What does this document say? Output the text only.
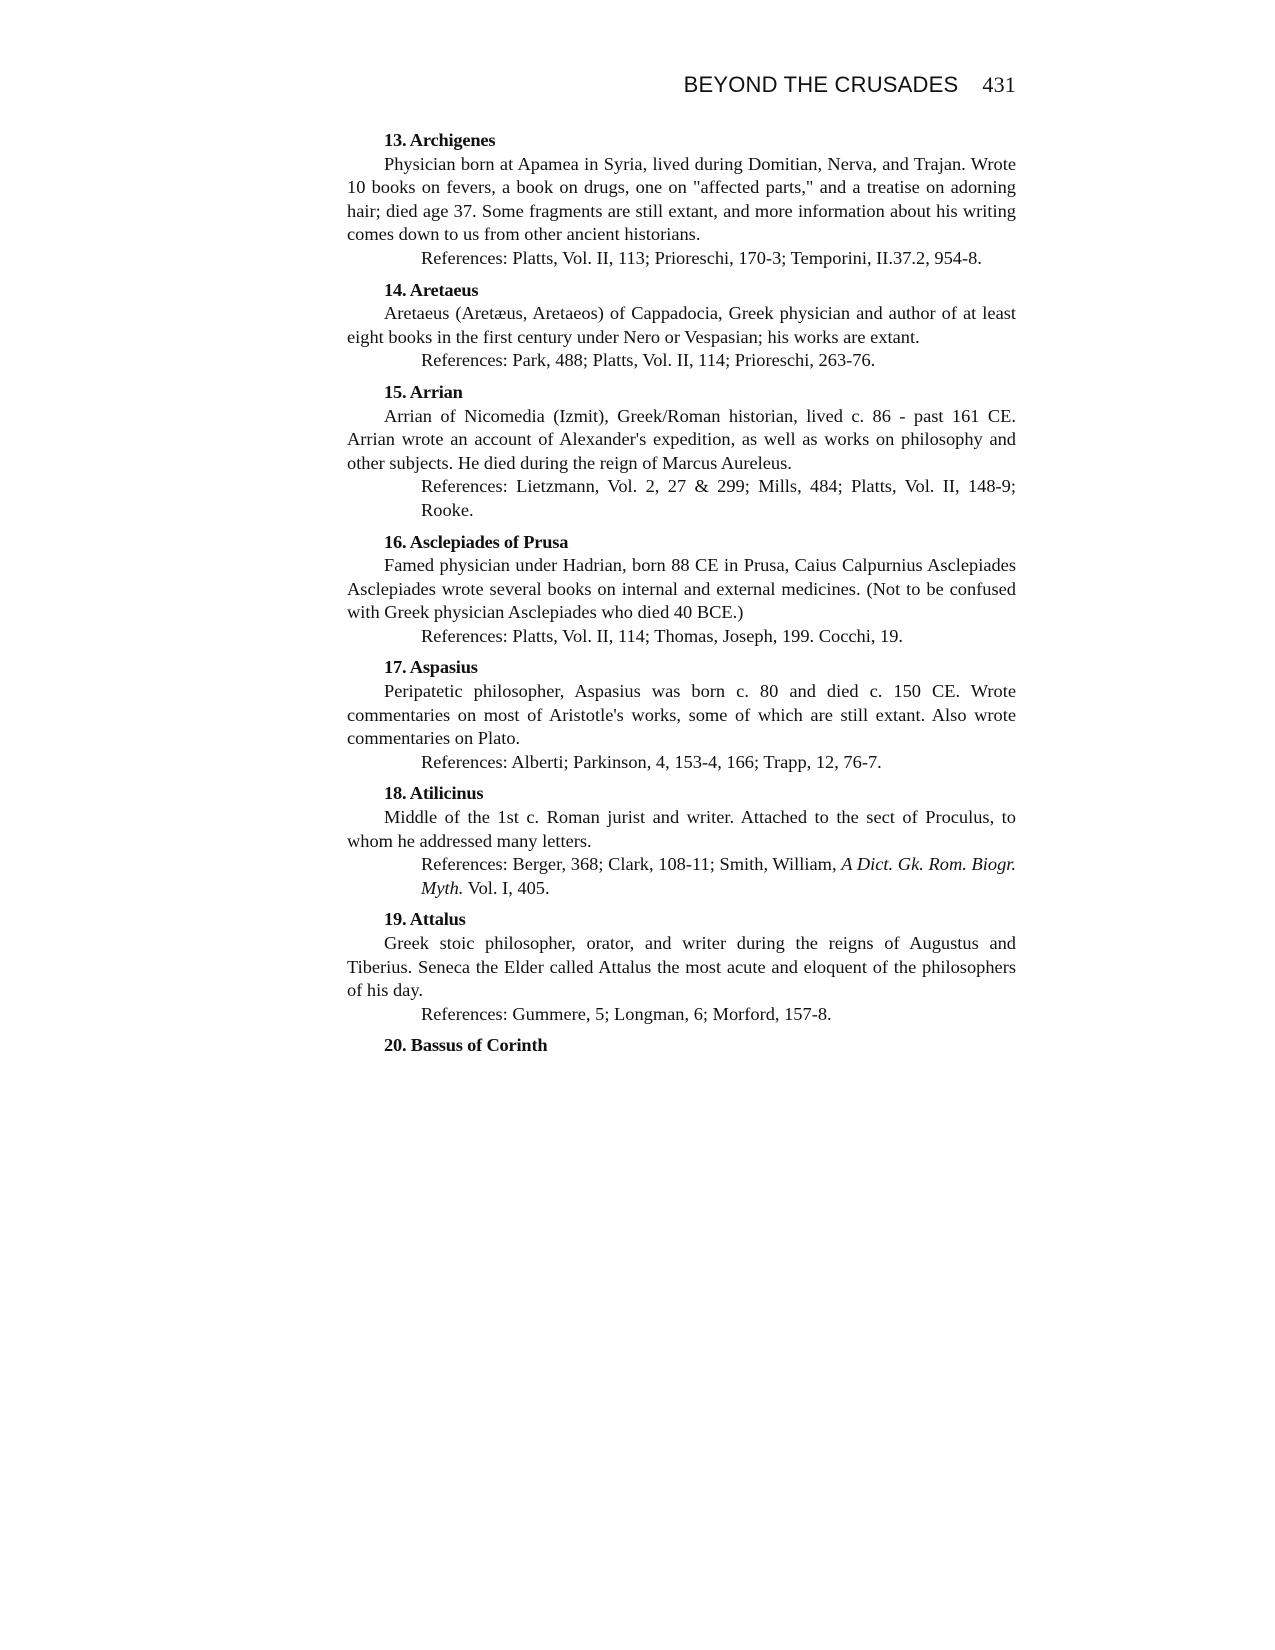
BEYOND THE CRUSADES 431
13. Archigenes

Physician born at Apamea in Syria, lived during Domitian, Nerva, and Trajan. Wrote 10 books on fevers, a book on drugs, one on "affected parts," and a treatise on adorning hair; died age 37. Some fragments are still extant, and more information about his writing comes down to us from other ancient historians.

References: Platts, Vol. II, 113; Prioreschi, 170-3; Temporini, II.37.2, 954-8.

14. Aretaeus

Aretaeus (Aretæus, Aretaeos) of Cappadocia, Greek physician and author of at least eight books in the first century under Nero or Vespasian; his works are extant.

References: Park, 488; Platts, Vol. II, 114; Prioreschi, 263-76.

15. Arrian

Arrian of Nicomedia (Izmit), Greek/Roman historian, lived c. 86 - past 161 CE. Arrian wrote an account of Alexander's expedition, as well as works on philosophy and other subjects. He died during the reign of Marcus Aureleus.

References: Lietzmann, Vol. 2, 27 & 299; Mills, 484; Platts, Vol. II, 148-9; Rooke.

16. Asclepiades of Prusa

Famed physician under Hadrian, born 88 CE in Prusa, Caius Calpurnius Asclepiades Asclepiades wrote several books on internal and external medicines. (Not to be confused with Greek physician Asclepiades who died 40 BCE.)

References: Platts, Vol. II, 114; Thomas, Joseph, 199. Cocchi, 19.

17. Aspasius

Peripatetic philosopher, Aspasius was born c. 80 and died c. 150 CE. Wrote commentaries on most of Aristotle's works, some of which are still extant. Also wrote commentaries on Plato.

References: Alberti; Parkinson, 4, 153-4, 166; Trapp, 12, 76-7.

18. Atilicinus

Middle of the 1st c. Roman jurist and writer. Attached to the sect of Proculus, to whom he addressed many letters.

References: Berger, 368; Clark, 108-11; Smith, William, A Dict. Gk. Rom. Biogr. Myth. Vol. I, 405.

19. Attalus

Greek stoic philosopher, orator, and writer during the reigns of Augustus and Tiberius. Seneca the Elder called Attalus the most acute and eloquent of the philosophers of his day.

References: Gummere, 5; Longman, 6; Morford, 157-8.

20. Bassus of Corinth
